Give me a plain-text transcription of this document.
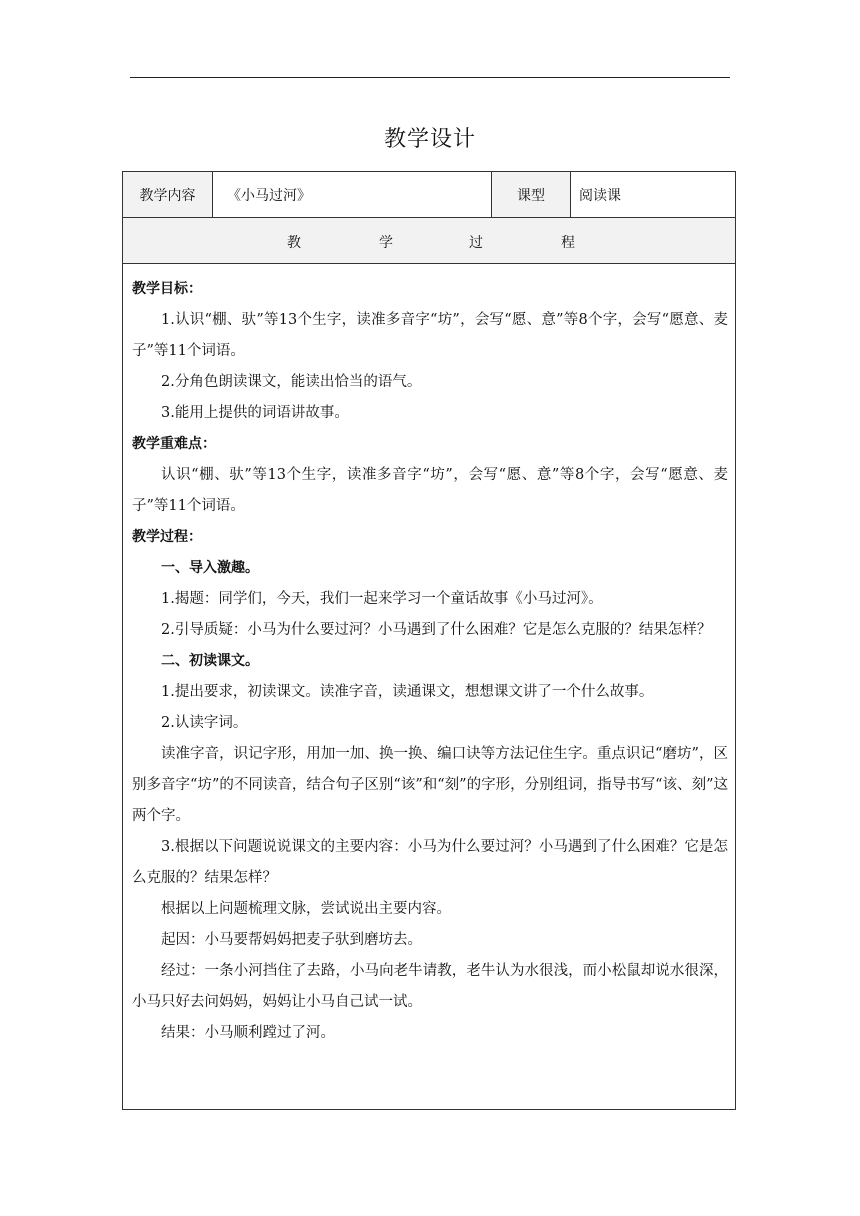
教学设计
教学内容	《小马过河》	课型	阅读课
教	学	过	程

教学目标：

1.认识“棚、驮”等13个生字，读准多音字“坊”，会写“愿、意”等8个字，会写“愿意、麦子”等11个词语。

2.分角色朗读课文，能读出恰当的语气。

3.能用上提供的词语讲故事。

教学重难点：

认识“棚、驮”等13个生字，读准多音字“坊”，会写“愿、意”等8个字，会写“愿意、麦子”等11个词语。

教学过程：

一、导入激趣。

1.揭题：同学们，今天，我们一起来学习一个童话故事《小马过河》。

2.引导质疑：小马为什么要过河？小马遇到了什么困难？它是怎么克服的？结果怎样？

二、初读课文。

1.提出要求，初读课文。读准字音，读通课文，想想课文讲了一个什么故事。

2.认读字词。

读准字音，识记字形，用加一加、换一换、编口诀等方法记住生字。重点识记“磨坊”，区别多音字“坊”的不同读音，结合句子区别“该”和“刻”的字形，分别组词，指导书写“该、刻”这两个字。

3.根据以下问题说说课文的主要内容：小马为什么要过河？小马遇到了什么困难？它是怎么克服的？结果怎样？

根据以上问题梳理文脉，尝试说出主要内容。

起因：小马要帮妈妈把麦子驮到磨坊去。

经过：一条小河挡住了去路，小马向老牛请教，老牛认为水很浅，而小松鼠却说水很深，小马只好去问妈妈，妈妈让小马自己试一试。

结果：小马顺利蹚过了河。
